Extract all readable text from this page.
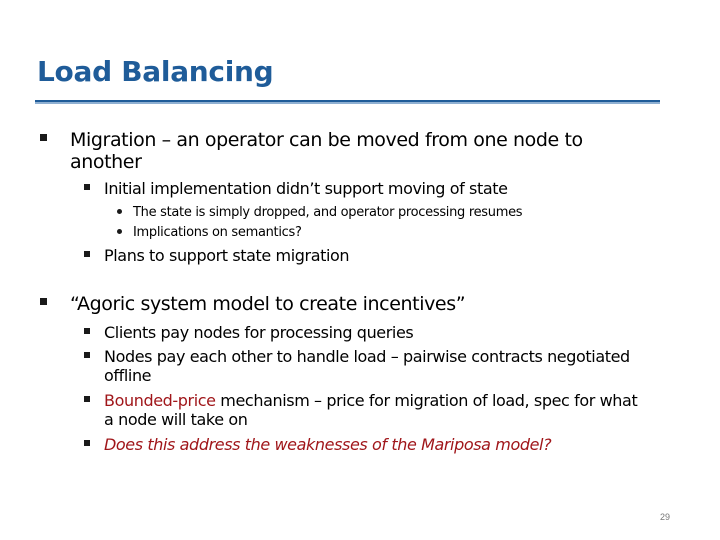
Load Balancing
Migration – an operator can be moved from one node to
another
Initial implementation didn’t support moving of state
The state is simply dropped, and operator processing resumes
Implications on semantics?
Plans to support state migration
“Agoric system model to create incentives”
Clients pay nodes for processing queries
Nodes pay each other to handle load – pairwise contracts negotiated
offline
Bounded-price mechanism – price for migration of load, spec for what
a node will take on
Does this address the weaknesses of the Mariposa model?
29
